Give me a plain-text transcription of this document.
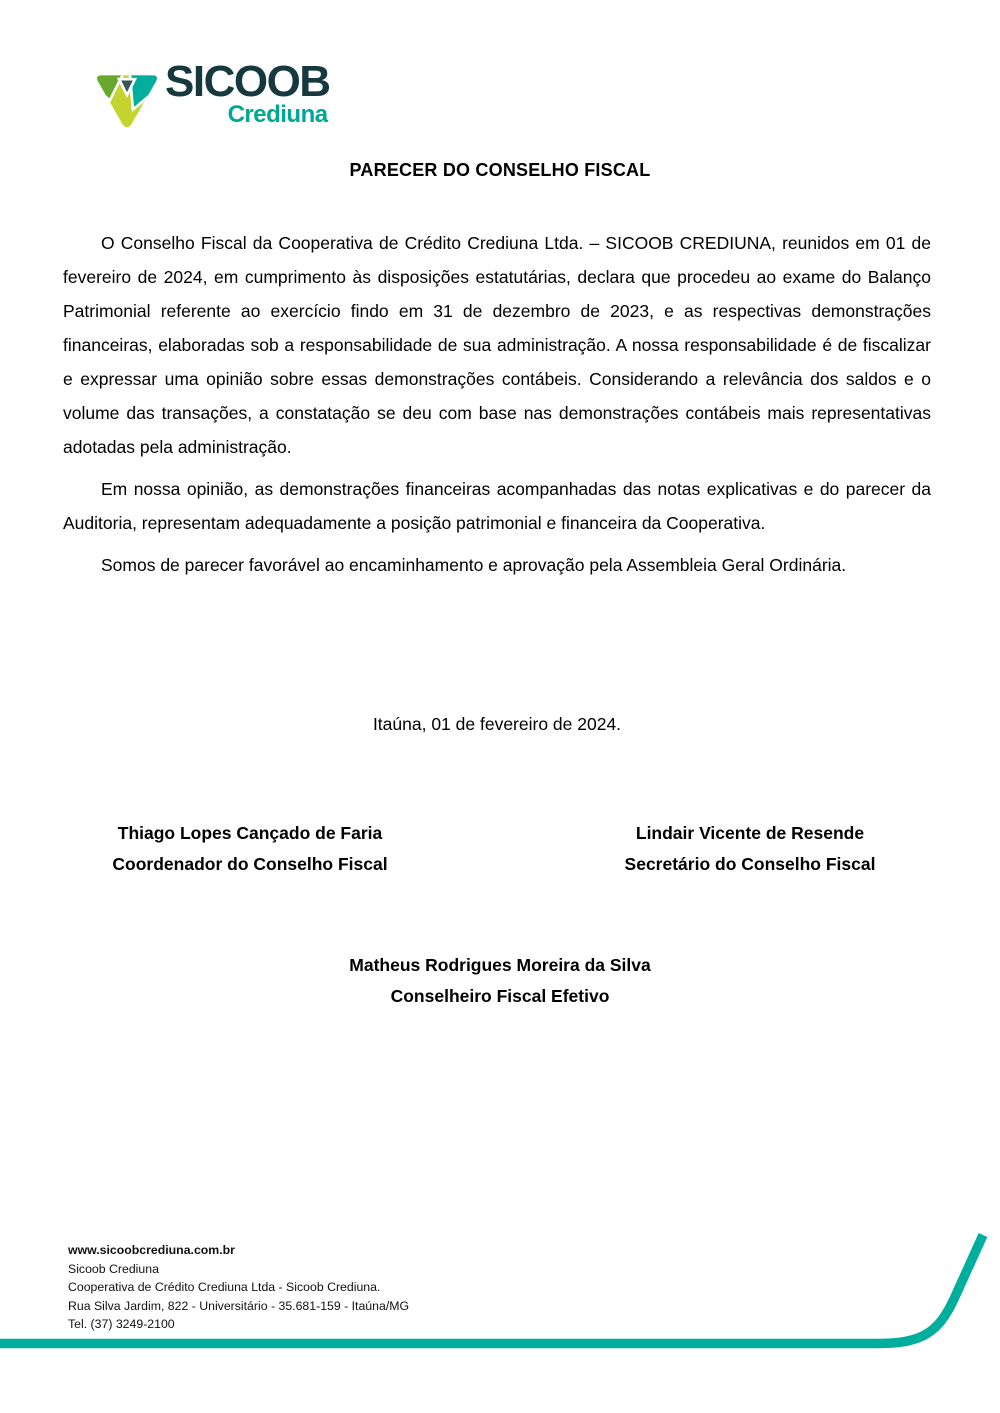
SICOOB
Crediuna
PARECER DO CONSELHO FISCAL

O Conselho Fiscal da Cooperativa de Crédito Crediuna Ltda. – SICOOB CREDIUNA, reunidos em 01 de fevereiro de 2024, em cumprimento às disposições estatutárias, declara que procedeu ao exame do Balanço Patrimonial referente ao exercício findo em 31 de dezembro de 2023, e as respectivas demonstrações financeiras, elaboradas sob a responsabilidade de sua administração. A nossa responsabilidade é de fiscalizar e expressar uma opinião sobre essas demonstrações contábeis. Considerando a relevância dos saldos e o volume das transações, a constatação se deu com base nas demonstrações contábeis mais representativas adotadas pela administração.

Em nossa opinião, as demonstrações financeiras acompanhadas das notas explicativas e do parecer da Auditoria, representam adequadamente a posição patrimonial e financeira da Cooperativa.

Somos de parecer favorável ao encaminhamento e aprovação pela Assembleia Geral Ordinária.

Itaúna, 01 de fevereiro de 2024.
Thiago Lopes Cançado de Faria
Coordenador do Conselho Fiscal
Lindair Vicente de Resende
Secretário do Conselho Fiscal
Matheus Rodrigues Moreira da Silva
Conselheiro Fiscal Efetivo
www.sicoobcrediuna.com.br
Sicoob Crediuna
Cooperativa de Crédito Crediuna Ltda - Sicoob Crediuna.
Rua Silva Jardim, 822 - Universitário - 35.681-159 - Itaúna/MG
Tel. (37) 3249-2100
